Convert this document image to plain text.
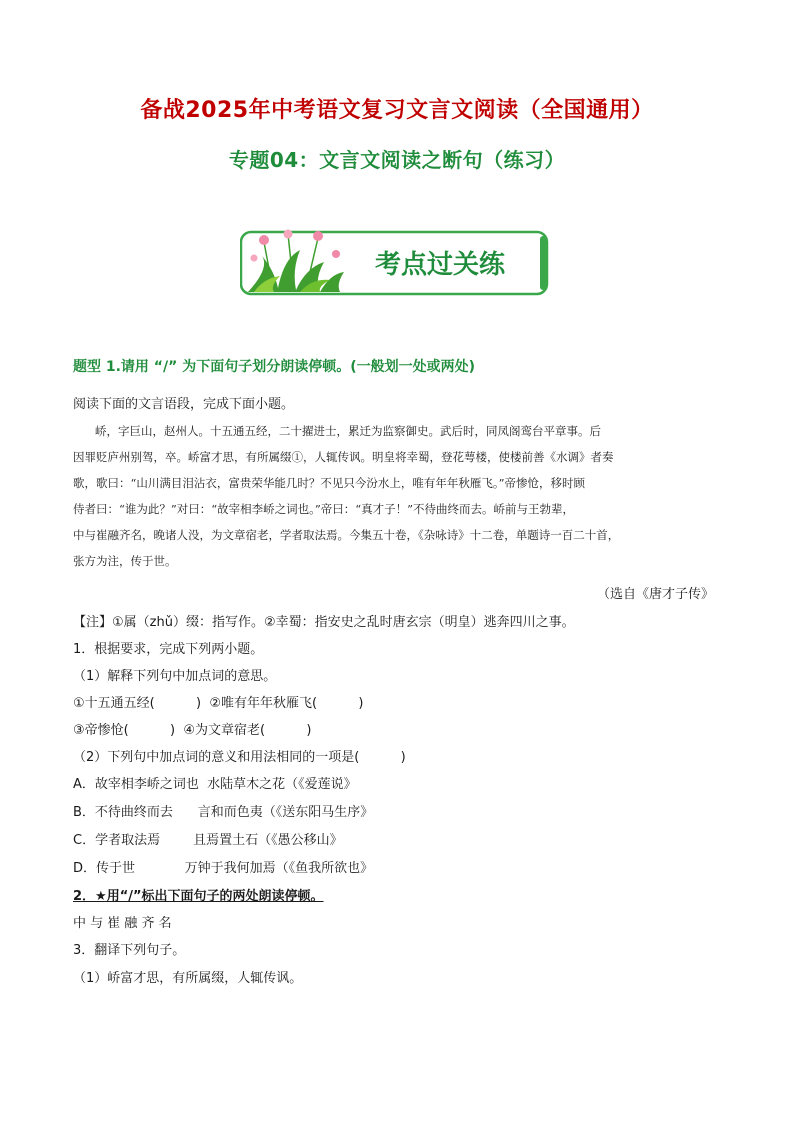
备战2025年中考语文复习文言文阅读（全国通用）
专题04：文言文阅读之断句（练习）
考点过关练
题型 1.请用 “/” 为下面句子划分朗读停顿。(一般划一处或两处)
阅读下面的文言语段，完成下面小题。
峤，字巨山，赵州人。十五通五经，二十擢进士，累迁为监察御史。武后时，同凤阁鸾台平章事。后
因罪贬庐州别驾，卒。峤富才思，有所属缀①，人辄传讽。明皇将幸蜀，登花萼楼，使楼前善《水调》者奏
歌，歌曰：“山川满目泪沾衣，富贵荣华能几时？不见只今汾水上，唯有年年秋雁飞。”帝惨怆，移时顾
侍者曰：“谁为此？”对曰：“故宰相李峤之词也。”帝曰：“真才子！”不待曲终而去。峤前与王勃辈，
中与崔融齐名，晚诸人没，为文章宿老，学者取法焉。今集五十卷，《杂咏诗》十二卷，单题诗一百二十首，
张方为注，传于世。
（选自《唐才子传》
【注】①属（zhǔ）缀：指写作。②幸蜀：指安史之乱时唐玄宗（明皇）逃奔四川之事。
1．根据要求，完成下列两小题。
（1）解释下列句中加点词的意思。
①十五通五经(          )  ②唯有年年秋雁飞(          )
③帝惨怆(          )  ④为文章宿老(          )
（2）下列句中加点词的意义和用法相同的一项是(          )
A．故宰相李峤之词也  水陆草木之花（《爱莲说》
B．不待曲终而去      言和而色夷（《送东阳马生序》
C．学者取法焉        且焉置土石（《愚公移山》
D．传于世            万钟于我何加焉（《鱼我所欲也》
2．★用“/”标出下面句子的两处朗读停顿。
中 与 崔 融 齐 名
3．翻译下列句子。
（1）峤富才思，有所属缀，人辄传讽。
